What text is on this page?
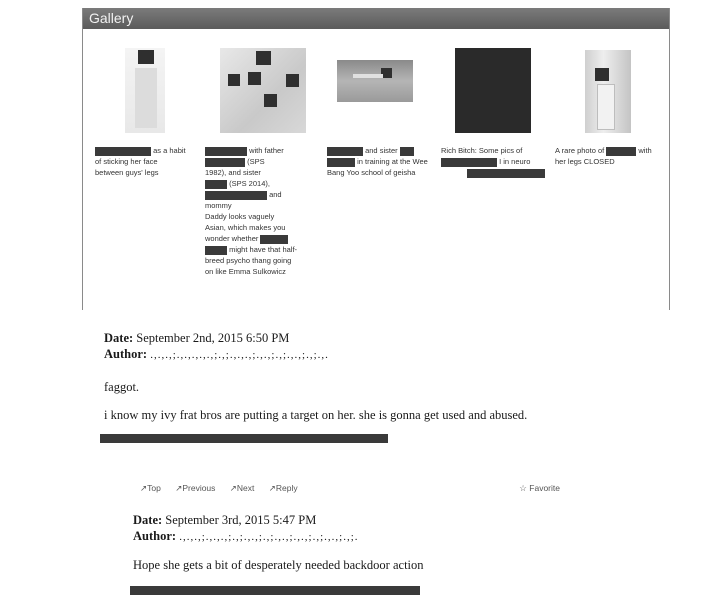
Gallery
as a habit
of sticking her face
between guys' legs
with father
(SPS
1982), and sister
(SPS 2014),
and
mommy
Daddy looks vaguely
Asian, which makes you
wonder whether
might have that half-
breed psycho thang going
on like Emma Sulkowicz
and sister
in training at the Wee
Bang Yoo school of geisha
Rich Bitch: Some pics of
I in neuro
A rare photo of	with
her legs CLOSED
Date: September 2nd, 2015 6:50 PM
Author: .,.,.,;.,.,.,.,.,;.,;.,.,.,;.,.,;.,;.,.,;.,;.,.
faggot.
i know my ivy frat bros are putting a target on her. she is gonna get used and abused.
↗Top ↗Previous ↗Next ↗Reply	☆ Favorite
Date: September 3rd, 2015 5:47 PM
Author: .,.,.,;.,.,.,;.,;.,.,;.,;.,.,;.,.,;.,;.,.,;.,;.
Hope she gets a bit of desperately needed backdoor action
